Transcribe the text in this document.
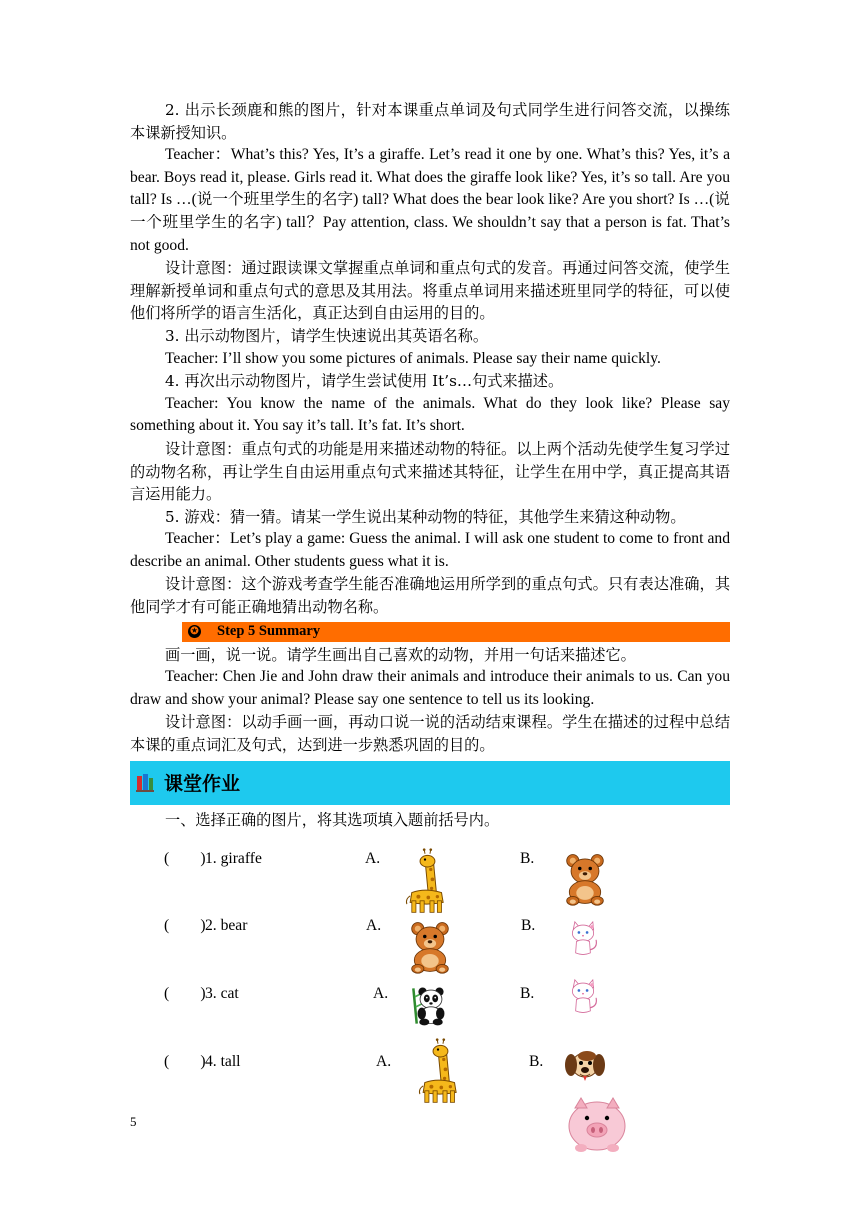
2. 出示长颈鹿和熊的图片，针对本课重点单词及句式同学生进行问答交流，以操练本课新授知识。

Teacher：What’s this? Yes, It’s a giraffe. Let’s read it one by one. What’s this? Yes, it’s a bear. Boys read it, please. Girls read it. What does the giraffe look like? Yes, it’s so tall. Are you tall? Is …(说一个班里学生的名字) tall? What does the bear look like? Are you short? Is …(说一个班里学生的名字) tall？Pay attention, class. We shouldn’t say that a person is fat. That’s not good.

设计意图：通过跟读课文掌握重点单词和重点句式的发音。再通过问答交流，使学生理解新授单词和重点句式的意思及其用法。将重点单词用来描述班里同学的特征，可以使他们将所学的语言生活化，真正达到自由运用的目的。

3. 出示动物图片，请学生快速说出其英语名称。

Teacher: I’ll show you some pictures of animals. Please say their name quickly.

4. 再次出示动物图片，请学生尝试使用 It’s…句式来描述。

Teacher: You know the name of the animals. What do they look like? Please say something about it. You say it’s tall. It’s fat. It’s short.

设计意图：重点句式的功能是用来描述动物的特征。以上两个活动先使学生复习学过的动物名称，再让学生自由运用重点句式来描述其特征，让学生在用中学，真正提高其语言运用能力。

5. 游戏：猜一猜。请某一学生说出某种动物的特征，其他学生来猜这种动物。

Teacher：Let’s play a game: Guess the animal. I will ask one student to come to front and describe an animal. Other students guess what it is.

设计意图：这个游戏考查学生能否准确地运用所学到的重点句式。只有表达准确，其他同学才有可能正确地猜出动物名称。

✪ Step 5 Summary

画一画，说一说。请学生画出自己喜欢的动物，并用一句话来描述它。

Teacher: Chen Jie and John draw their animals and introduce their animals to us. Can you draw and show your animal? Please say one sentence to tell us its looking.

设计意图：以动手画一画，再动口说一说的活动结束课程。学生在描述的过程中总结本课的重点词汇及句式，达到进一步熟悉巩固的目的。

课堂作业

一、选择正确的图片，将其选项填入题前括号内。

(　　) 1. giraffe	A.	B.
(　　) 2. bear	A.	B.
(　　) 3. cat	A.	B.
(　　) 4. tall	A.	B.
5
